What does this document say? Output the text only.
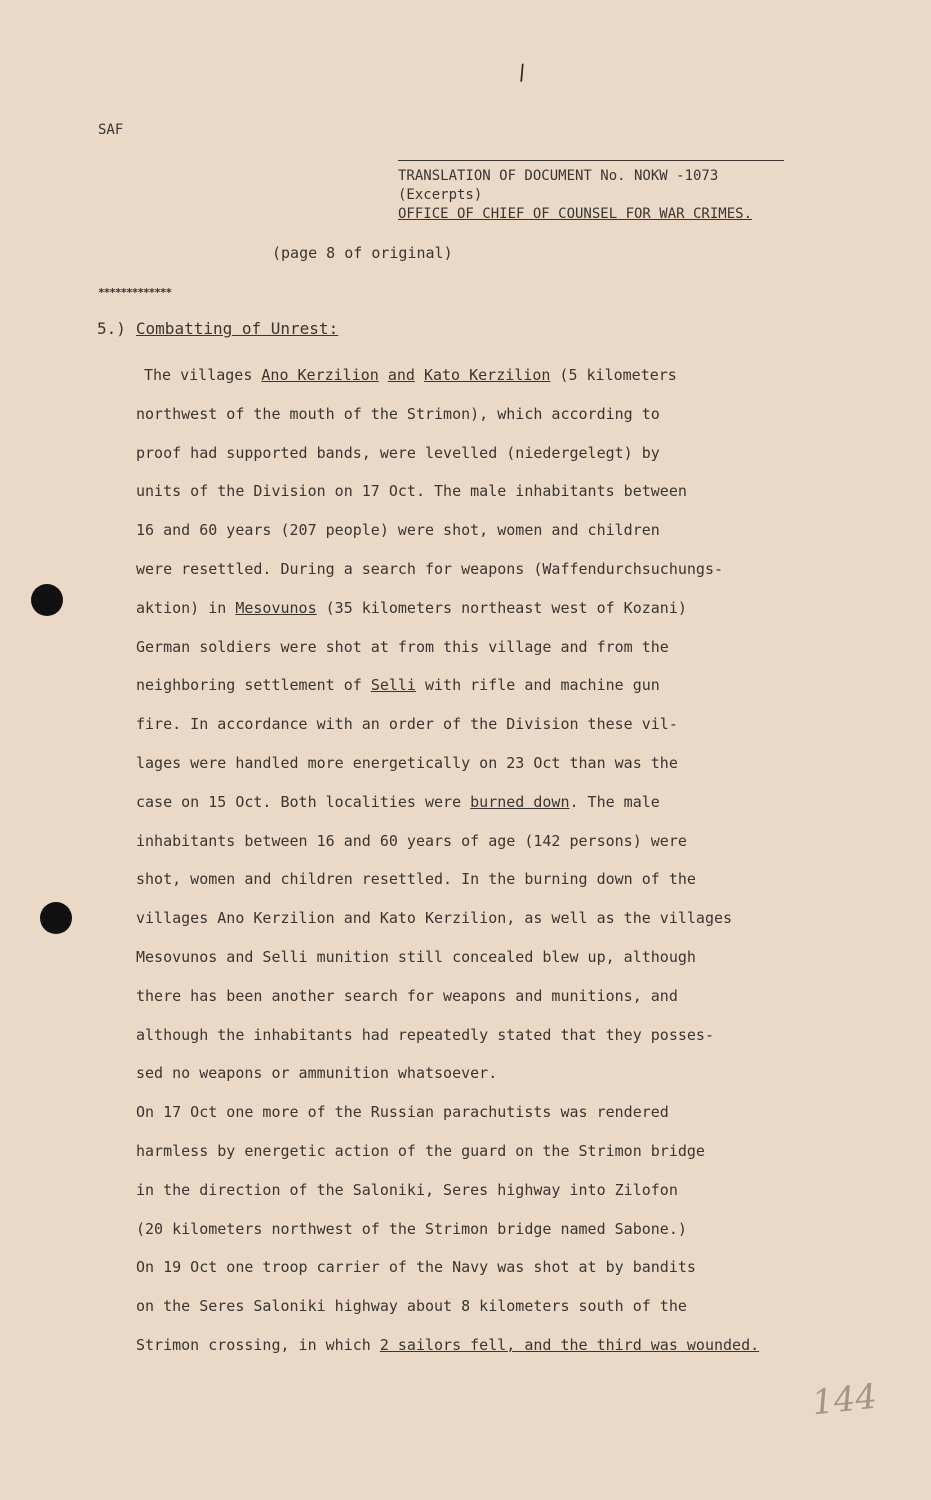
/
SAF
TRANSLATION OF DOCUMENT No. NOKW -1073
(Excerpts)
OFFICE OF CHIEF OF COUNSEL FOR WAR CRIMES.
(page 8 of original)
*************
5.) Combatting of Unrest:
The villages Ano Kerzilion and Kato Kerzilion (5 kilometers
northwest of the mouth of the Strimon), which according to
proof had supported bands, were levelled (niedergelegt) by
units of the Division on 17 Oct. The male inhabitants between
16 and 60 years (207 people) were shot, women and children
were resettled. During a search for weapons (Waffendurchsuchungs-
aktion) in Mesovunos (35 kilometers northeast west of Kozani)
German soldiers were shot at from this village and from the
neighboring settlement of Selli with rifle and machine gun
fire. In accordance with an order of the Division these vil-
lages were handled more energetically on 23 Oct than was the
case on 15 Oct. Both localities were burned down. The male
inhabitants between 16 and 60 years of age (142 persons) were
shot, women and children resettled. In the burning down of the
villages Ano Kerzilion and Kato Kerzilion, as well as the villages
Mesovunos and Selli munition still concealed blew up, although
there has been another search for weapons and munitions, and
although the inhabitants had repeatedly stated that they posses-
sed no weapons or ammunition whatsoever.
On 17 Oct one more of the Russian parachutists was rendered
harmless by energetic action of the guard on the Strimon bridge
in the direction of the Saloniki, Seres highway into Zilofon
(20 kilometers northwest of the Strimon bridge named Sabone.)
On 19 Oct one troop carrier of the Navy was shot at by bandits
on the Seres Saloniki highway about 8 kilometers south of the
Strimon crossing, in which 2 sailors fell, and the third was wounded.
144
